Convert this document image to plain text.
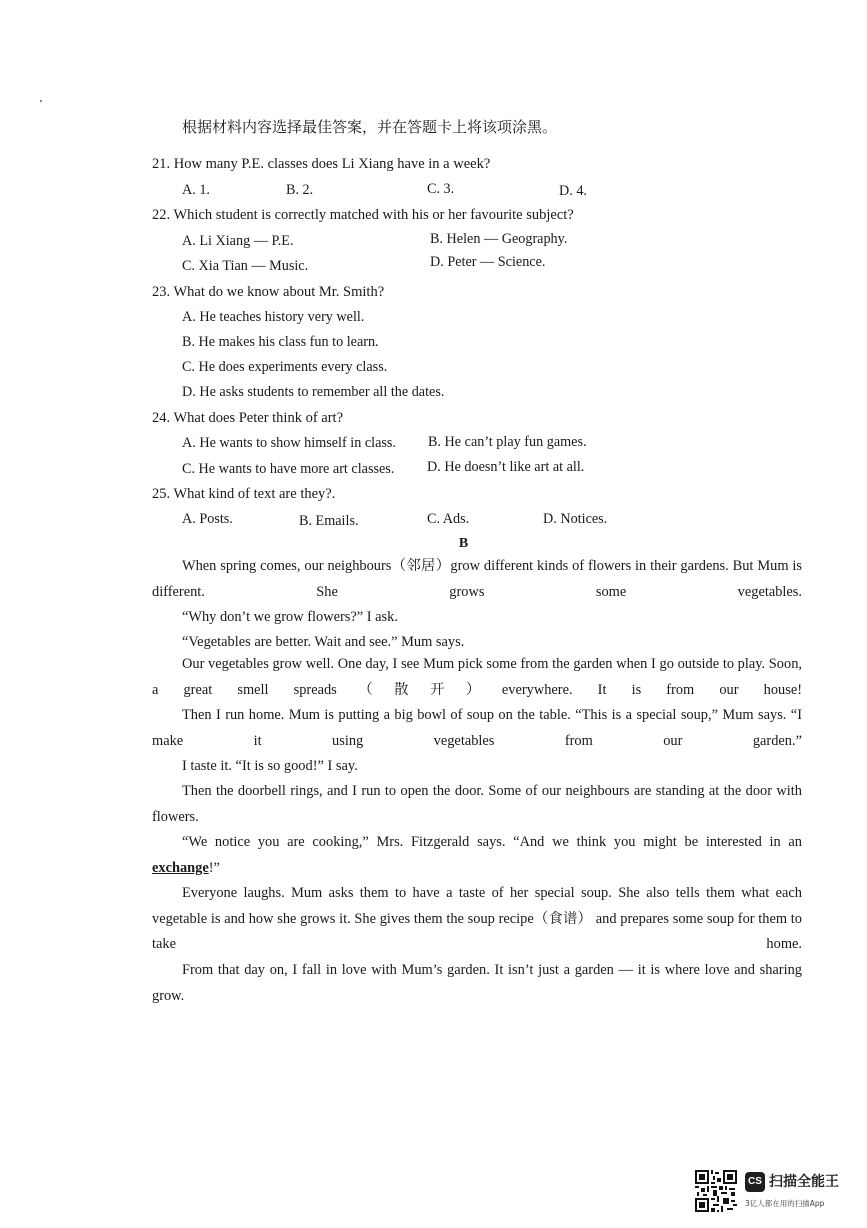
根据材料内容选择最佳答案，并在答题卡上将该项涂黑。
21. How many P.E. classes does Li Xiang have in a week?
A. 1.	B. 2.	C. 3.	D. 4.
22. Which student is correctly matched with his or her favourite subject?
A. Li Xiang — P.E.	B. Helen — Geography.
C. Xia Tian — Music.	D. Peter — Science.
23. What do we know about Mr. Smith?
A. He teaches history very well.
B. He makes his class fun to learn.
C. He does experiments every class.
D. He asks students to remember all the dates.
24. What does Peter think of art?
A. He wants to show himself in class. B. He can’t play fun games.
C. He wants to have more art classes. D. He doesn’t like art at all.
25. What kind of text are they?.
A. Posts.	B. Emails.	C. Ads.	D. Notices.
B
When spring comes, our neighbours（邻居）grow different kinds of flowers in their gardens. But Mum is different. She grows some vegetables.
“Why don’t we grow flowers?” I ask.
“Vegetables are better. Wait and see.” Mum says.
Our vegetables grow well. One day, I see Mum pick some from the garden when I go outside to play. Soon, a great smell spreads（散开）everywhere. It is from our house!
Then I run home. Mum is putting a big bowl of soup on the table. “This is a special soup,” Mum says. “I make it using vegetables from our garden.”
I taste it. “It is so good!” I say.
Then the doorbell rings, and I run to open the door. Some of our neighbours are standing at the door with flowers.
“We notice you are cooking,” Mrs. Fitzgerald says. “And we think you might be interested in an exchange!”
Everyone laughs. Mum asks them to have a taste of her special soup. She also tells them what each vegetable is and how she grows it. She gives them the soup recipe（食谱） and prepares some soup for them to take home.
From that day on, I fall in love with Mum’s garden. It isn’t just a garden — it is where love and sharing grow.
CS 扫描全能王
3亿人都在用的扫描App
